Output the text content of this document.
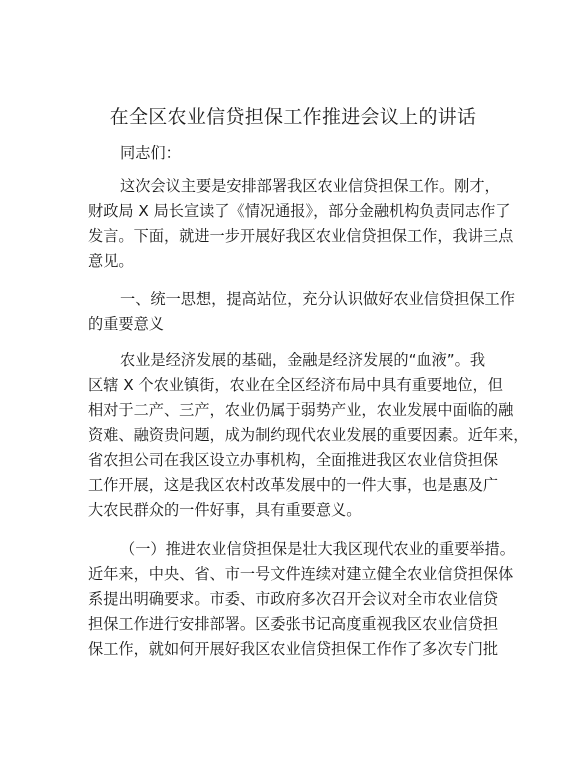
在全区农业信贷担保工作推进会议上的讲话
同志们：
这次会议主要是安排部署我区农业信贷担保工作。刚才，
财政局 X 局长宣读了《情况通报》，部分金融机构负责同志作了
发言。下面，就进一步开展好我区农业信贷担保工作，我讲三点
意见。
一、统一思想，提高站位，充分认识做好农业信贷担保工作
的重要意义
农业是经济发展的基础，金融是经济发展的“血液”。我
区辖 X 个农业镇街，农业在全区经济布局中具有重要地位，但
相对于二产、三产，农业仍属于弱势产业，农业发展中面临的融
资难、融资贵问题，成为制约现代农业发展的重要因素。近年来，
省农担公司在我区设立办事机构，全面推进我区农业信贷担保
工作开展，这是我区农村改革发展中的一件大事，也是惠及广
大农民群众的一件好事，具有重要意义。
（一）推进农业信贷担保是壮大我区现代农业的重要举措。
近年来，中央、省、市一号文件连续对建立健全农业信贷担保体
系提出明确要求。市委、市政府多次召开会议对全市农业信贷
担保工作进行安排部署。区委张书记高度重视我区农业信贷担
保工作，就如何开展好我区农业信贷担保工作作了多次专门批
